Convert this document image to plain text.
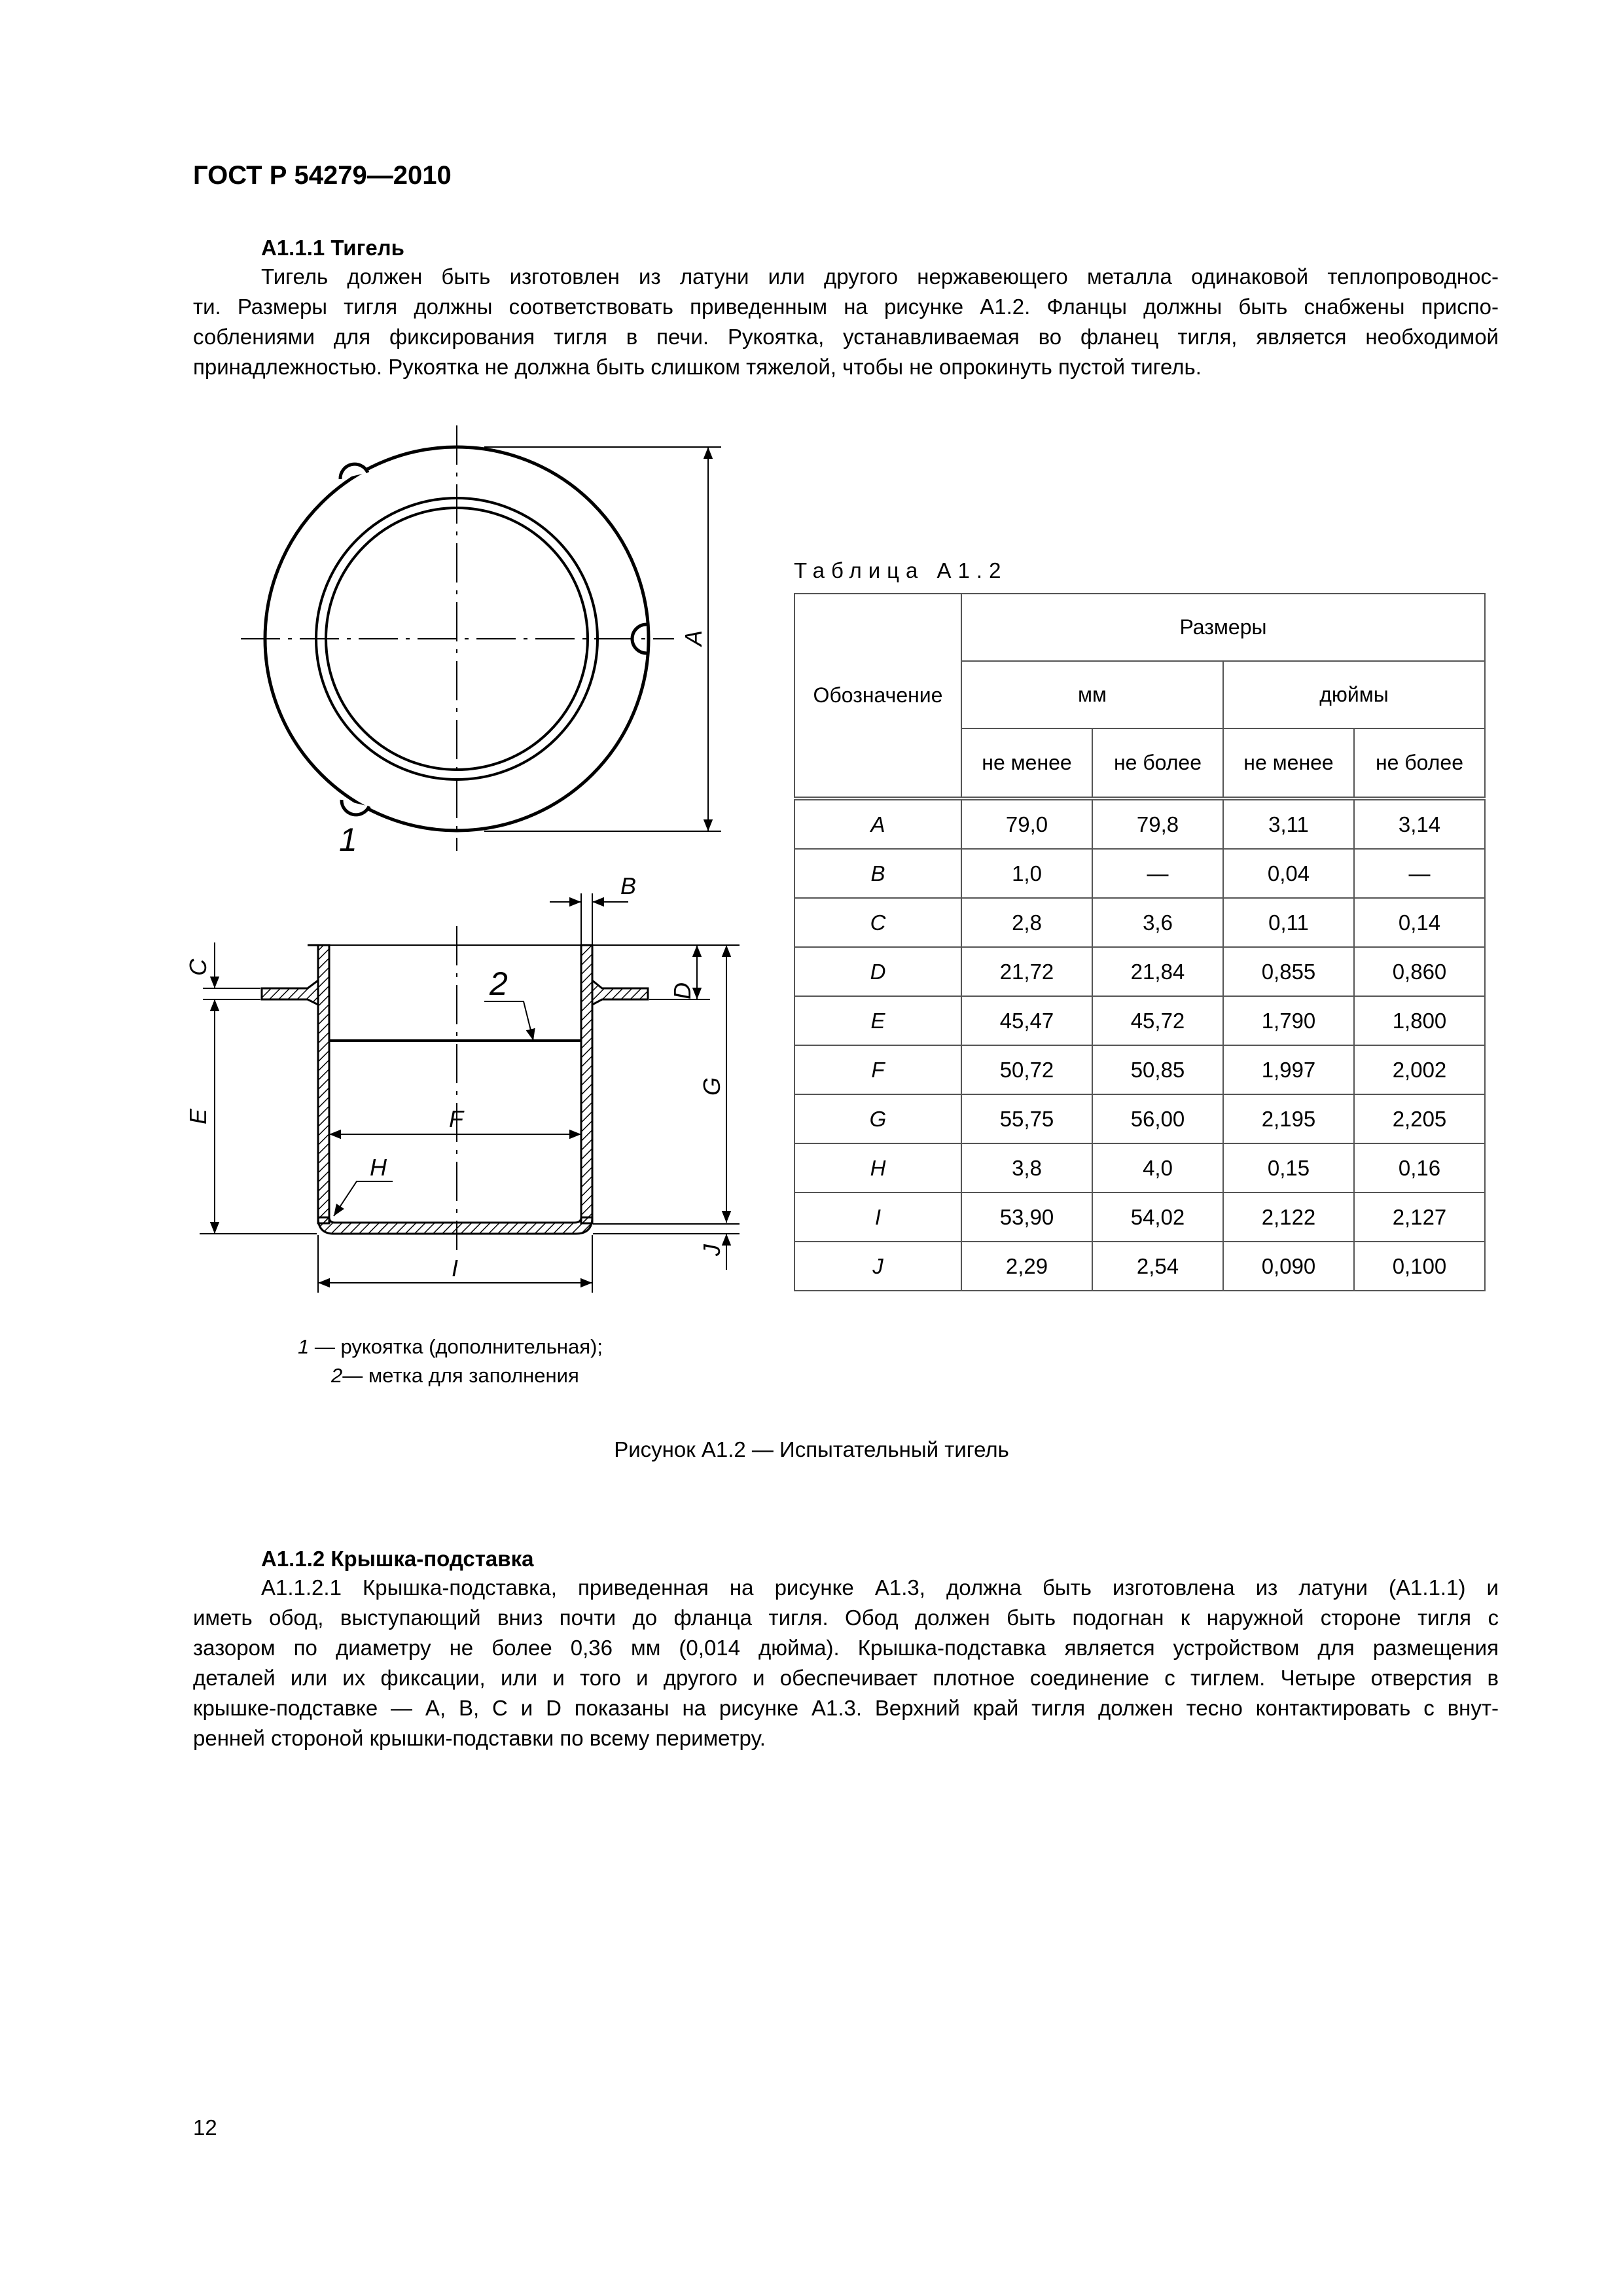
ГОСТ Р 54279—2010
А1.1.1 Тигель
Тигель должен быть изготовлен из латуни или другого нержавеющего металла одинаковой теплопроводнос-
ти. Размеры тигля должны соответствовать приведенным на рисунке А1.2. Фланцы должны быть снабжены приспо-
соблениями для фиксирования тигля в печи. Рукоятка, устанавливаемая во фланец тигля, является необходимой
принадлежностью. Рукоятка не должна быть слишком тяжелой, чтобы не опрокинуть пустой тигель.
A
1
C
E
B
D
G
J
F
I
H
2
Таблица А1.2
Обозначение	Размеры			
	мм		дюймы	
	не менее	не более	не менее	не более
A	79,0	79,8	3,11	3,14
B	1,0	—	0,04	—
C	2,8	3,6	0,11	0,14
D	21,72	21,84	0,855	0,860
E	45,47	45,72	1,790	1,800
F	50,72	50,85	1,997	2,002
G	55,75	56,00	2,195	2,205
H	3,8	4,0	0,15	0,16
I	53,90	54,02	2,122	2,127
J	2,29	2,54	0,090	0,100
1 — рукоятка (дополнительная);
2— метка для заполнения
Рисунок А1.2 — Испытательный тигель
А1.1.2 Крышка-подставка
А1.1.2.1 Крышка-подставка, приведенная на рисунке А1.3, должна быть изготовлена из латуни (А1.1.1) и
иметь обод, выступающий вниз почти до фланца тигля. Обод должен быть подогнан к наружной стороне тигля с
зазором по диаметру не более 0,36 мм (0,014 дюйма). Крышка-подставка является устройством для размещения
деталей или их фиксации, или и того и другого и обеспечивает плотное соединение с тиглем. Четыре отверстия в
крышке-подставке — A, B, C и D показаны на рисунке А1.3. Верхний край тигля должен тесно контактировать с внут-
ренней стороной крышки-подставки по всему периметру.
12
